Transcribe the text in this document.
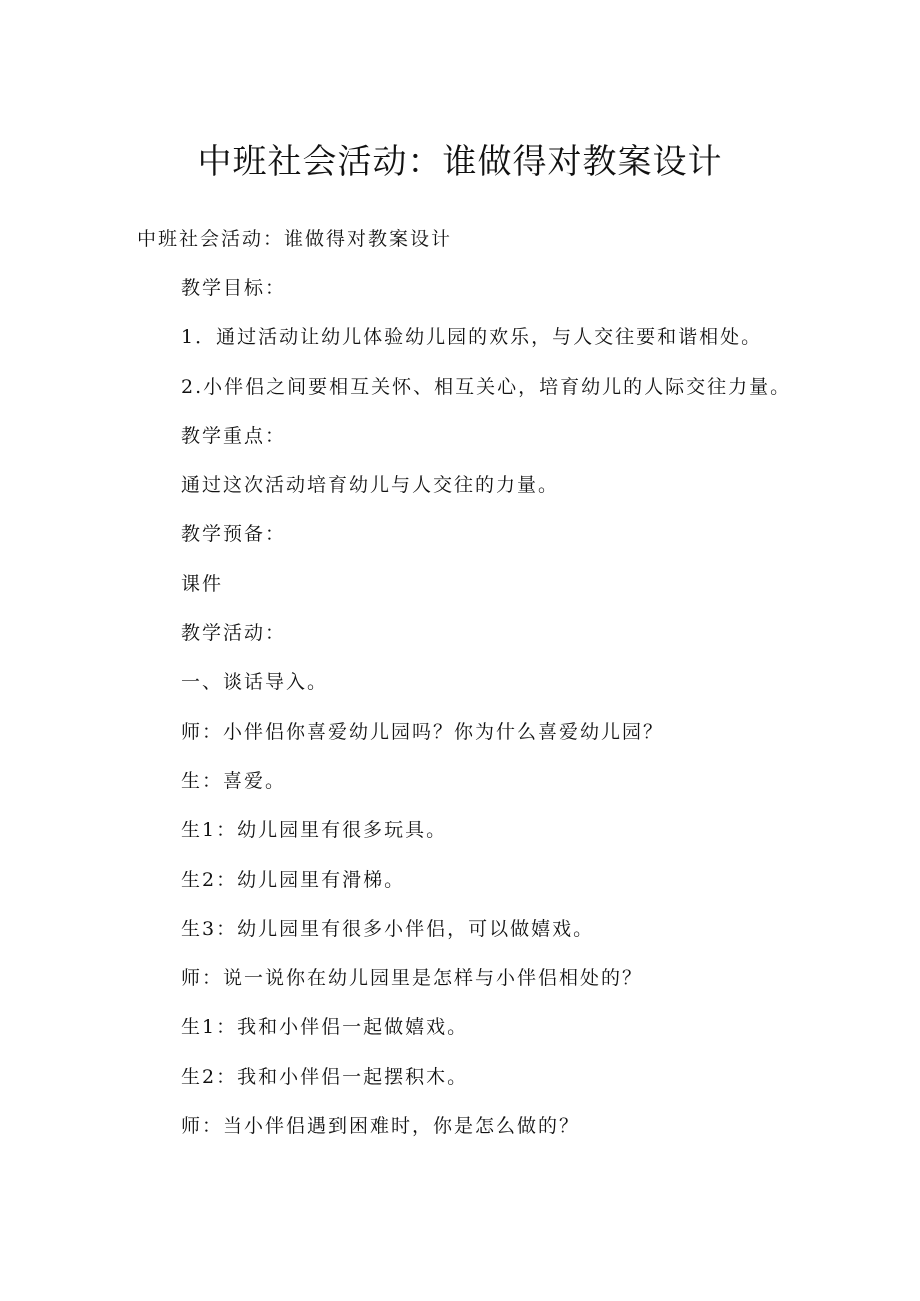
中班社会活动：谁做得对教案设计

中班社会活动：谁做得对教案设计

教学目标：
1．通过活动让幼儿体验幼儿园的欢乐，与人交往要和谐相处。
2.小伴侣之间要相互关怀、相互关心，培育幼儿的人际交往力量。
教学重点：
通过这次活动培育幼儿与人交往的力量。
教学预备：
课件
教学活动：
一、谈话导入。
师：小伴侣你喜爱幼儿园吗？你为什么喜爱幼儿园？
生：喜爱。
生1：幼儿园里有很多玩具。
生2：幼儿园里有滑梯。
生3：幼儿园里有很多小伴侣，可以做嬉戏。
师：说一说你在幼儿园里是怎样与小伴侣相处的？
生1：我和小伴侣一起做嬉戏。
生2：我和小伴侣一起摆积木。
师：当小伴侣遇到困难时，你是怎么做的？
